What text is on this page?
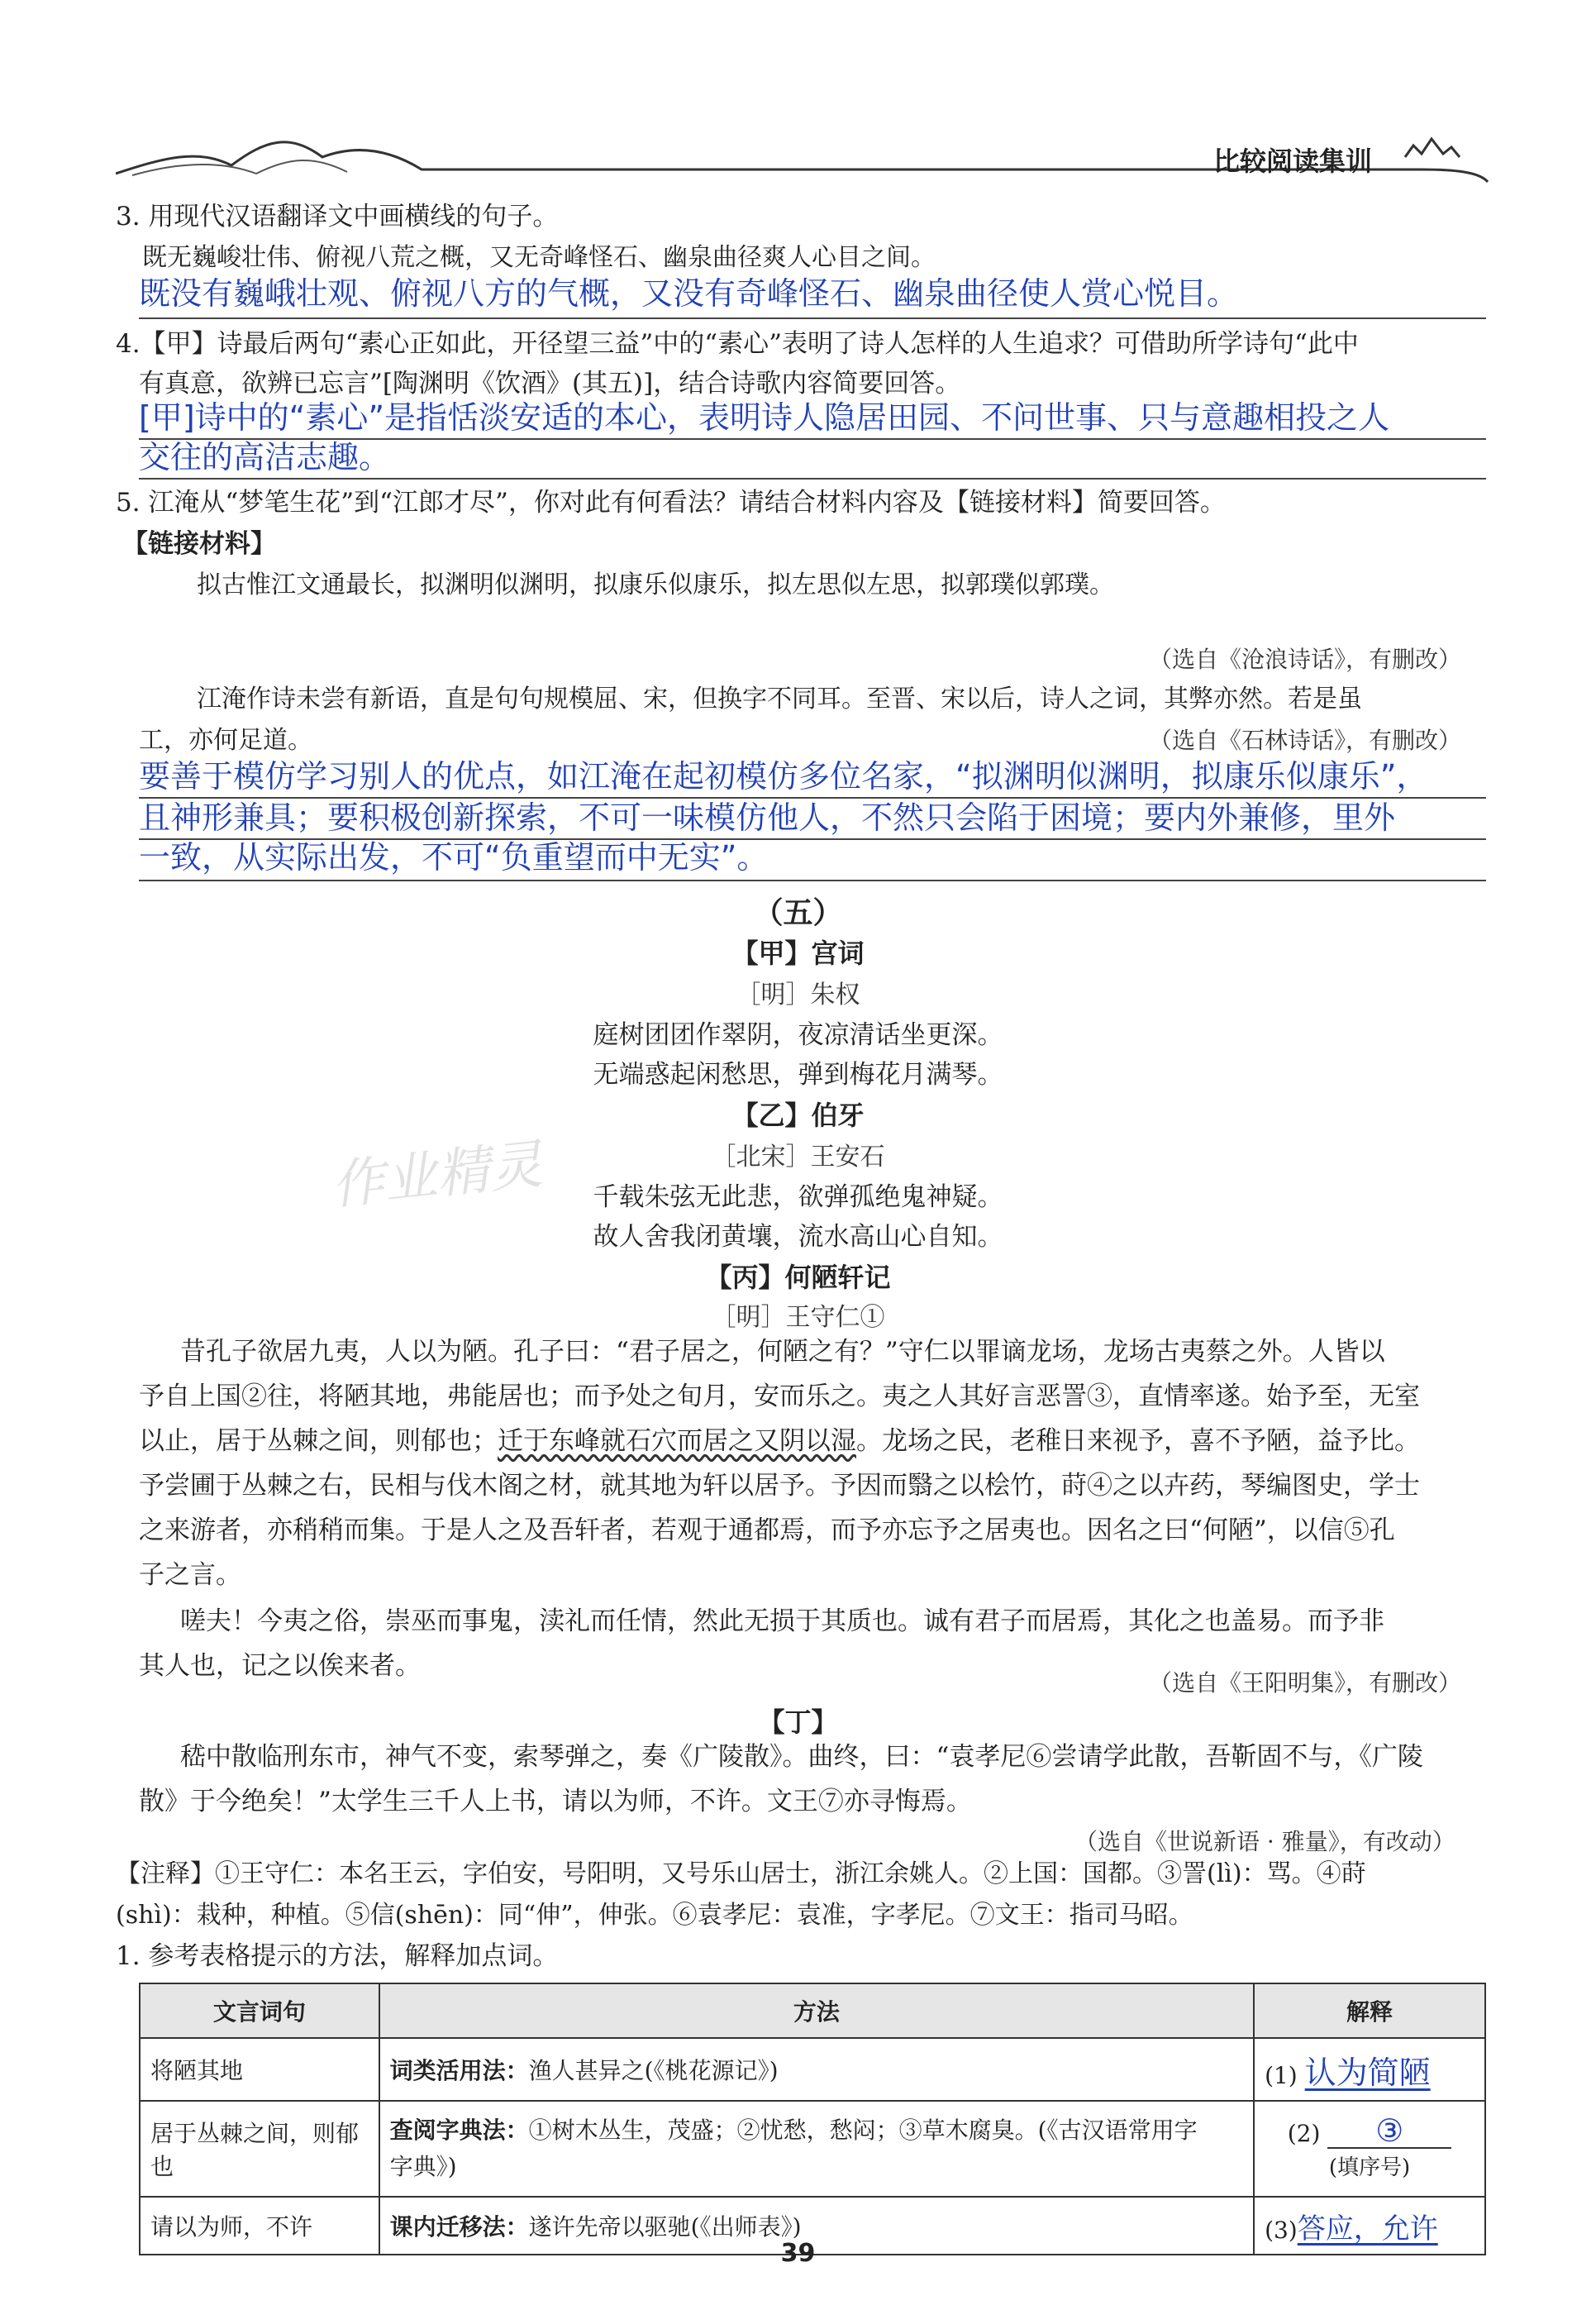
比较阅读集训
3. 用现代汉语翻译文中画横线的句子。
既无巍峻壮伟、俯视八荒之概，又无奇峰怪石、幽泉曲径爽人心目之间。
既没有巍峨壮观、俯视八方的气概，又没有奇峰怪石、幽泉曲径使人赏心悦目。
4.【甲】诗最后两句“素心正如此，开径望三益”中的“素心”表明了诗人怎样的人生追求？可借助所学诗句“此中
有真意，欲辨已忘言”[陶渊明《饮酒》(其五)]，结合诗歌内容简要回答。
[甲]诗中的“素心”是指恬淡安适的本心，表明诗人隐居田园、不问世事、只与意趣相投之人
交往的高洁志趣。
5. 江淹从“梦笔生花”到“江郎才尽”，你对此有何看法？请结合材料内容及【链接材料】简要回答。
【链接材料】
拟古惟江文通最长，拟渊明似渊明，拟康乐似康乐，拟左思似左思，拟郭璞似郭璞。
（选自《沧浪诗话》，有删改）
江淹作诗未尝有新语，直是句句规模屈、宋，但换字不同耳。至晋、宋以后，诗人之词，其弊亦然。若是虽
工，亦何足道。	（选自《石林诗话》，有删改）
要善于模仿学习别人的优点，如江淹在起初模仿多位名家，“拟渊明似渊明，拟康乐似康乐”，
且神形兼具；要积极创新探索，不可一味模仿他人，不然只会陷于困境；要内外兼修，里外
一致，从实际出发，不可“负重望而中无实”。
（五）
【甲】宫词
［明］朱权
庭树团团作翠阴，夜凉清话坐更深。
无端惑起闲愁思，弹到梅花月满琴。
【乙】伯牙
［北宋］王安石
千载朱弦无此悲，欲弹孤绝鬼神疑。
故人舍我闭黄壤，流水高山心自知。
作业精灵
【丙】何陋轩记
［明］王守仁①
昔孔子欲居九夷，人以为陋。孔子曰：“君子居之，何陋之有？”守仁以罪谪龙场，龙场古夷蔡之外。人皆以
予自上国②往，将陋其地，弗能居也；而予处之旬月，安而乐之。夷之人其好言恶詈③，直情率遂。始予至，无室
以止，居于丛棘之间，则郁也；迁于东峰就石穴而居之又阴以湿。龙场之民，老稚日来视予，喜不予陋，益予比。
予尝圃于丛棘之右，民相与伐木阁之材，就其地为轩以居予。予因而翳之以桧竹，莳④之以卉药，琴编图史，学士
之来游者，亦稍稍而集。于是人之及吾轩者，若观于通都焉，而予亦忘予之居夷也。因名之曰“何陋”，以信⑤孔
子之言。
嗟夫！今夷之俗，崇巫而事鬼，渎礼而任情，然此无损于其质也。诚有君子而居焉，其化之也盖易。而予非
其人也，记之以俟来者。
（选自《王阳明集》，有删改）
【丁】
嵇中散临刑东市，神气不变，索琴弹之，奏《广陵散》。曲终，曰：“袁孝尼⑥尝请学此散，吾靳固不与，《广陵
散》于今绝矣！”太学生三千人上书，请以为师，不许。文王⑦亦寻悔焉。
（选自《世说新语 · 雅量》，有改动）
【注释】①王守仁：本名王云，字伯安，号阳明，又号乐山居士，浙江余姚人。②上国：国都。③詈(lì)：骂。④莳
(shì)：栽种，种植。⑤信(shēn)：同“伸”，伸张。⑥袁孝尼：袁准，字孝尼。⑦文王：指司马昭。
1. 参考表格提示的方法，解释加点词。
文言词句	方法	解释
将陋其地	词类活用法：渔人甚异之(《桃花源记》)	(1) 认为简陋
居于丛棘之间，则郁也	查阅字典法：①树木丛生，茂盛；②忧愁，愁闷；③草木腐臭。(《古汉语常用字
字典》)	(2) ③
(填序号)
请以为师，不许	课内迁移法：遂许先帝以驱驰(《出师表》)	(3)答应，允许
39
